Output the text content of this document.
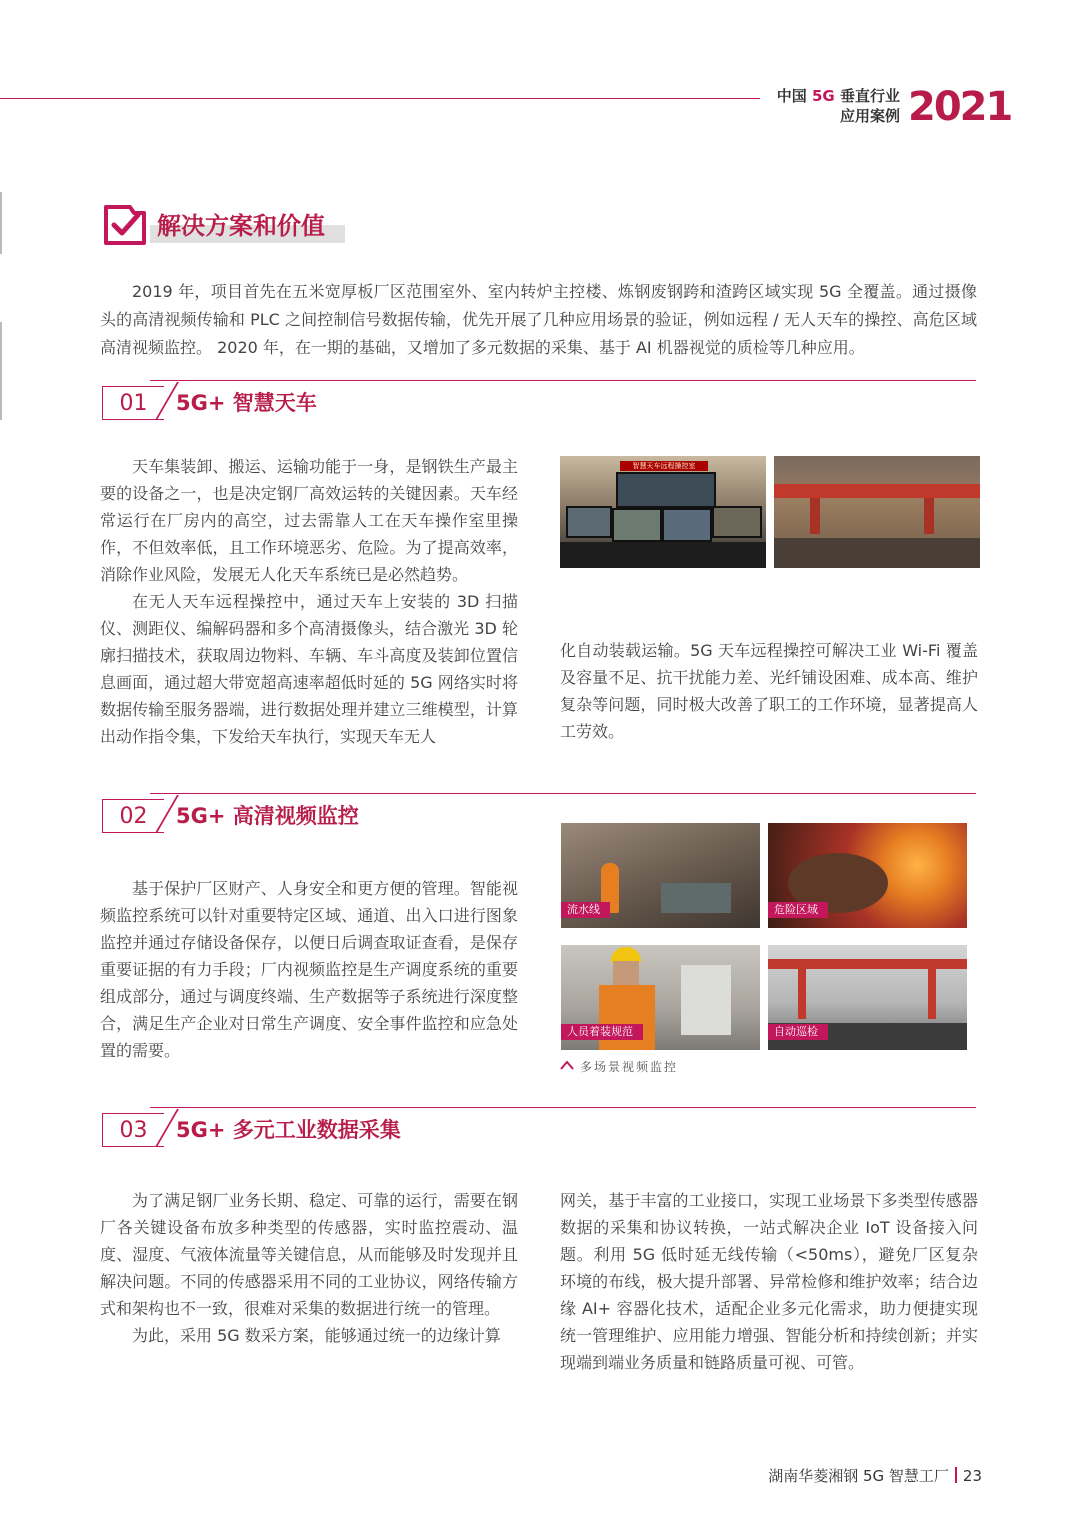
中国 5G 垂直行业
应用案例 2021
解决方案和价值

2019 年，项目首先在五米宽厚板厂区范围室外、室内转炉主控楼、炼钢废钢跨和渣跨区域实现 5G 全覆盖。通过摄像头的高清视频传输和 PLC 之间控制信号数据传输，优先开展了几种应用场景的验证，例如远程 / 无人天车的操控、高危区域高清视频监控。 2020 年，在一期的基础，又增加了多元数据的采集、基于 AI 机器视觉的质检等几种应用。

01	5G+ 智慧天车

天车集装卸、搬运、运输功能于一身，是钢铁生产最主要的设备之一，也是决定钢厂高效运转的关键因素。天车经常运行在厂房内的高空，过去需靠人工在天车操作室里操作，不但效率低，且工作环境恶劣、危险。为了提高效率，消除作业风险，发展无人化天车系统已是必然趋势。

在无人天车远程操控中，通过天车上安装的 3D 扫描仪、测距仪、编解码器和多个高清摄像头，结合激光 3D 轮廓扫描技术，获取周边物料、车辆、车斗高度及装卸位置信息画面，通过超大带宽超高速率超低时延的 5G 网络实时将数据传输至服务器端，进行数据处理并建立三维模型，计算出动作指令集，下发给天车执行，实现天车无人

智慧天车远程操控室

化自动装载运输。5G 天车远程操控可解决工业 Wi-Fi 覆盖及容量不足、抗干扰能力差、光纤铺设困难、成本高、维护复杂等问题，同时极大改善了职工的工作环境，显著提高人工劳效。

02	5G+ 高清视频监控

基于保护厂区财产、人身安全和更方便的管理。智能视频监控系统可以针对重要特定区域、通道、出入口进行图象监控并通过存储设备保存，以便日后调查取证查看，是保存重要证据的有力手段；厂内视频监控是生产调度系统的重要组成部分，通过与调度终端、生产数据等子系统进行深度整合，满足生产企业对日常生产调度、安全事件监控和应急处置的需要。

流水线	危险区域
人员着装规范	自动巡检
多场景视频监控
03	5G+ 多元工业数据采集

为了满足钢厂业务长期、稳定、可靠的运行，需要在钢厂各关键设备布放多种类型的传感器，实时监控震动、温度、湿度、气液体流量等关键信息，从而能够及时发现并且解决问题。不同的传感器采用不同的工业协议，网络传输方式和架构也不一致，很难对采集的数据进行统一的管理。

为此，采用 5G 数采方案，能够通过统一的边缘计算

网关，基于丰富的工业接口，实现工业场景下多类型传感器数据的采集和协议转换，一站式解决企业 IoT 设备接入问题。利用 5G 低时延无线传输（<50ms），避免厂区复杂环境的布线，极大提升部署、异常检修和维护效率；结合边缘 AI+ 容器化技术，适配企业多元化需求，助力便捷实现统一管理维护、应用能力增强、智能分析和持续创新；并实现端到端业务质量和链路质量可视、可管。

湖南华菱湘钢 5G 智慧工厂 23
